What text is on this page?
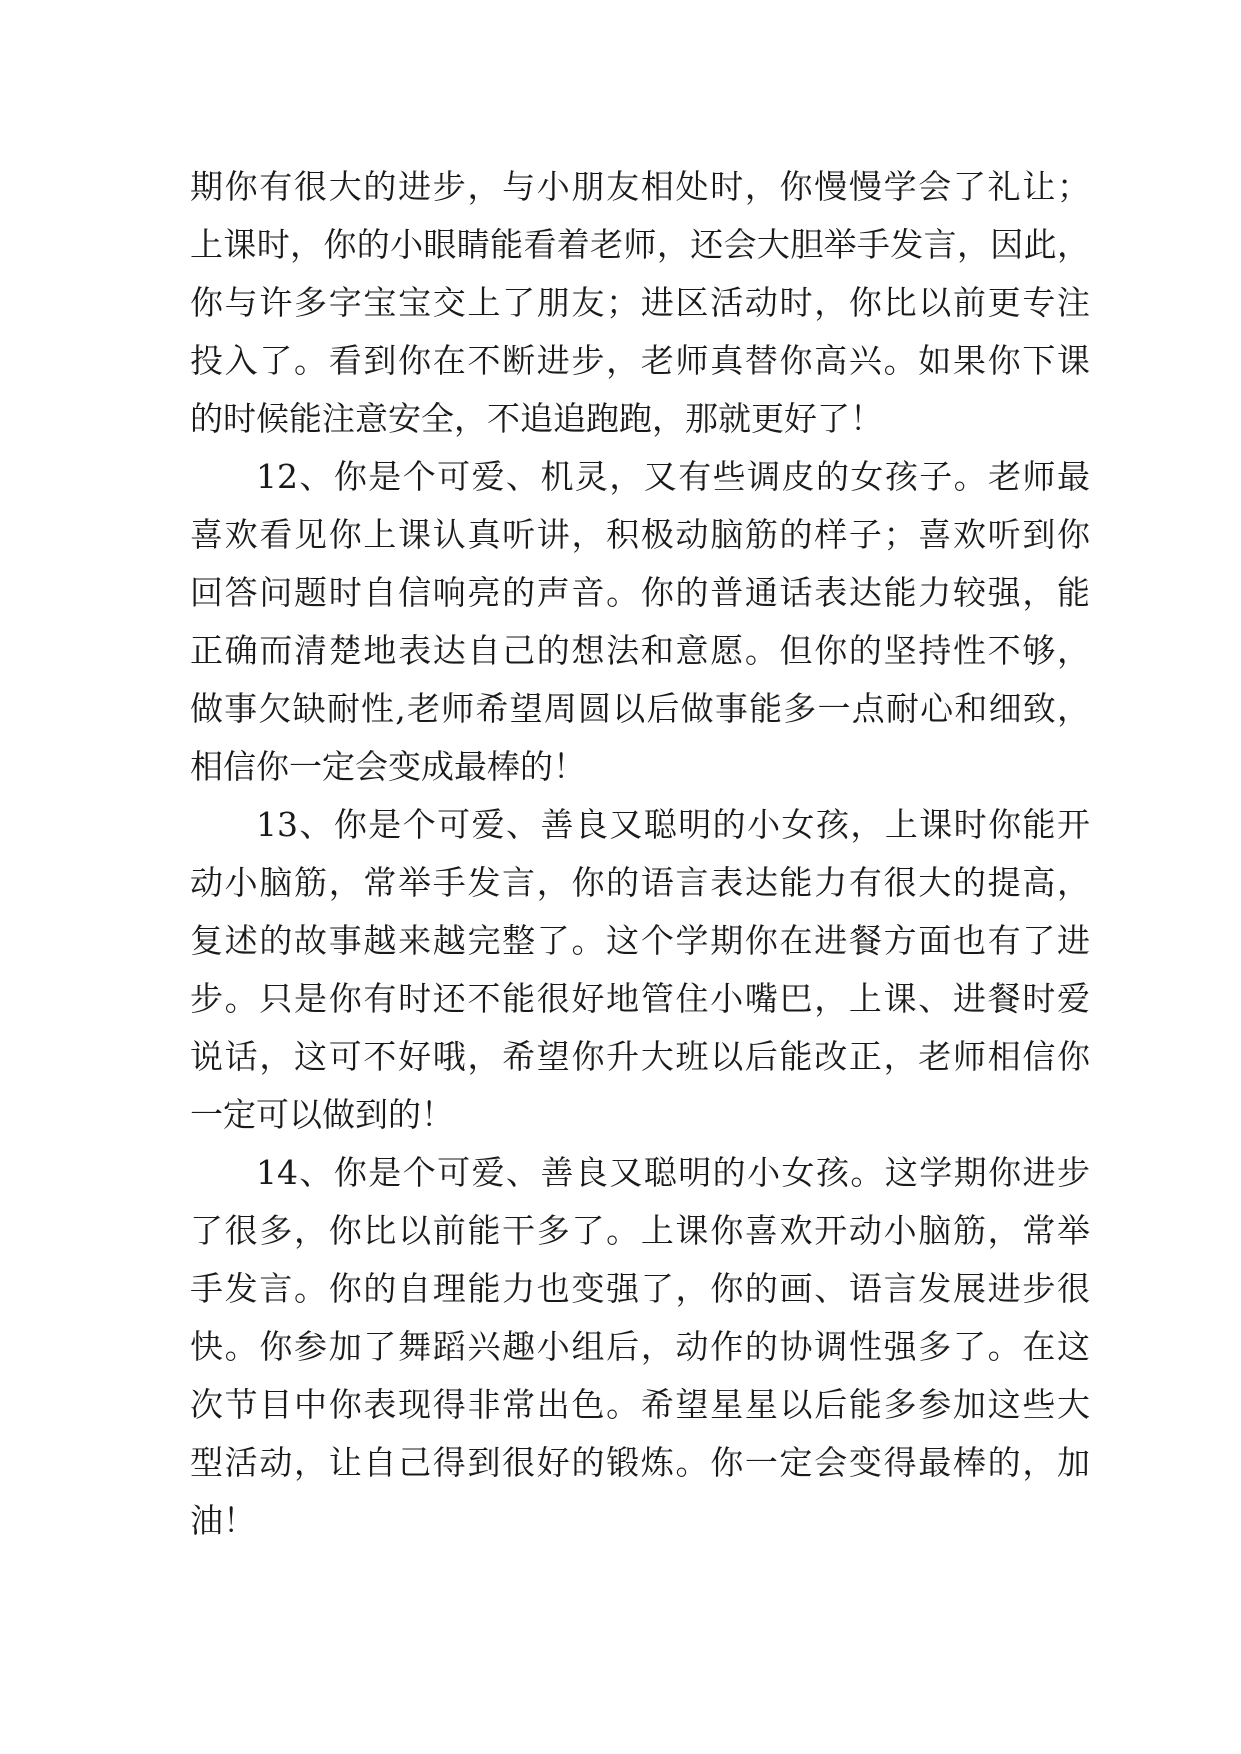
期你有很大的进步，与小朋友相处时，你慢慢学会了礼让；
上课时，你的小眼睛能看着老师，还会大胆举手发言，因此，
你与许多字宝宝交上了朋友；进区活动时，你比以前更专注
投入了。看到你在不断进步，老师真替你高兴。如果你下课
的时候能注意安全，不追追跑跑，那就更好了！
12、你是个可爱、机灵，又有些调皮的女孩子。老师最
喜欢看见你上课认真听讲，积极动脑筋的样子；喜欢听到你
回答问题时自信响亮的声音。你的普通话表达能力较强，能
正确而清楚地表达自己的想法和意愿。但你的坚持性不够，
做事欠缺耐性,老师希望周圆以后做事能多一点耐心和细致，
相信你一定会变成最棒的！
13、你是个可爱、善良又聪明的小女孩，上课时你能开
动小脑筋，常举手发言，你的语言表达能力有很大的提高，
复述的故事越来越完整了。这个学期你在进餐方面也有了进
步。只是你有时还不能很好地管住小嘴巴，上课、进餐时爱
说话，这可不好哦，希望你升大班以后能改正，老师相信你
一定可以做到的！
14、你是个可爱、善良又聪明的小女孩。这学期你进步
了很多，你比以前能干多了。上课你喜欢开动小脑筋，常举
手发言。你的自理能力也变强了，你的画、语言发展进步很
快。你参加了舞蹈兴趣小组后，动作的协调性强多了。在这
次节目中你表现得非常出色。希望星星以后能多参加这些大
型活动，让自己得到很好的锻炼。你一定会变得最棒的，加
油！
